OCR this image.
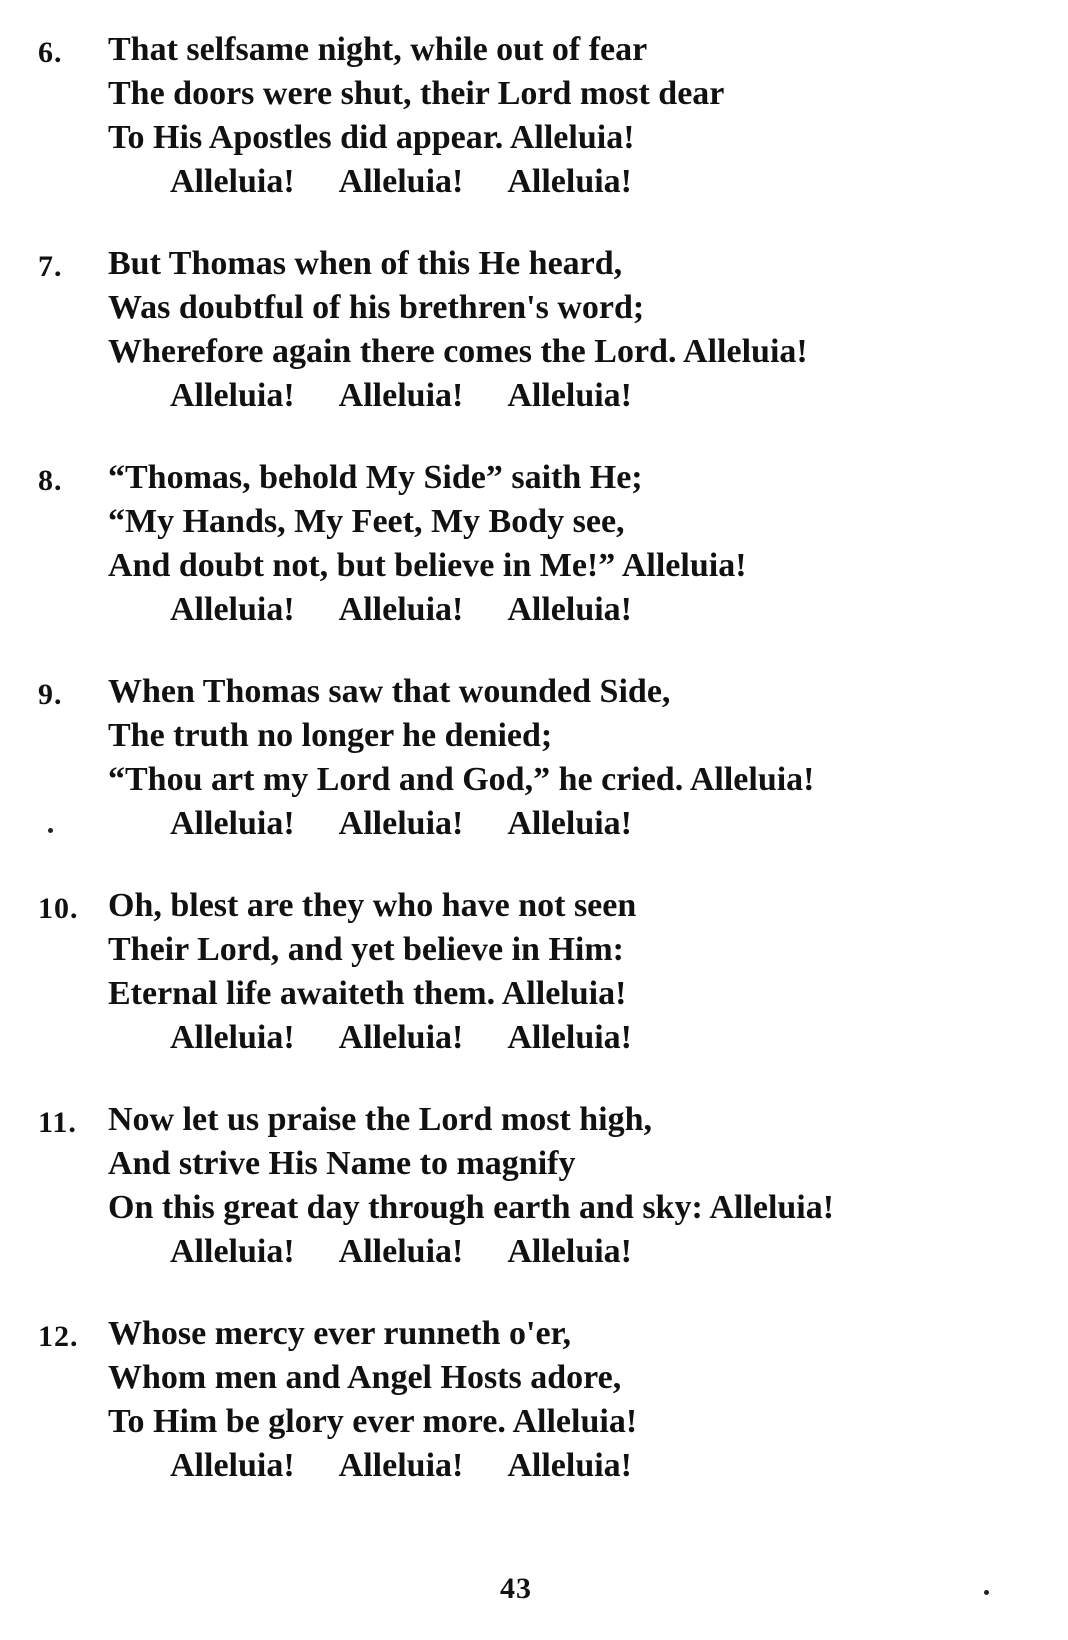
6. That selfsame night, while out of fear
The doors were shut, their Lord most dear
To His Apostles did appear. Alleluia!
Alleluia! Alleluia! Alleluia!
7. But Thomas when of this He heard,
Was doubtful of his brethren's word;
Wherefore again there comes the Lord. Alleluia!
Alleluia! Alleluia! Alleluia!
8. “Thomas, behold My Side” saith He;
“My Hands, My Feet, My Body see,
And doubt not, but believe in Me!” Alleluia!
Alleluia! Alleluia! Alleluia!
9. When Thomas saw that wounded Side,
The truth no longer he denied;
“Thou art my Lord and God,” he cried. Alleluia!
Alleluia! Alleluia! Alleluia!
10. Oh, blest are they who have not seen
Their Lord, and yet believe in Him:
Eternal life awaiteth them. Alleluia!
Alleluia! Alleluia! Alleluia!
11. Now let us praise the Lord most high,
And strive His Name to magnify
On this great day through earth and sky: Alleluia!
Alleluia! Alleluia! Alleluia!
12. Whose mercy ever runneth o'er,
Whom men and Angel Hosts adore,
To Him be glory ever more. Alleluia!
Alleluia! Alleluia! Alleluia!
43
